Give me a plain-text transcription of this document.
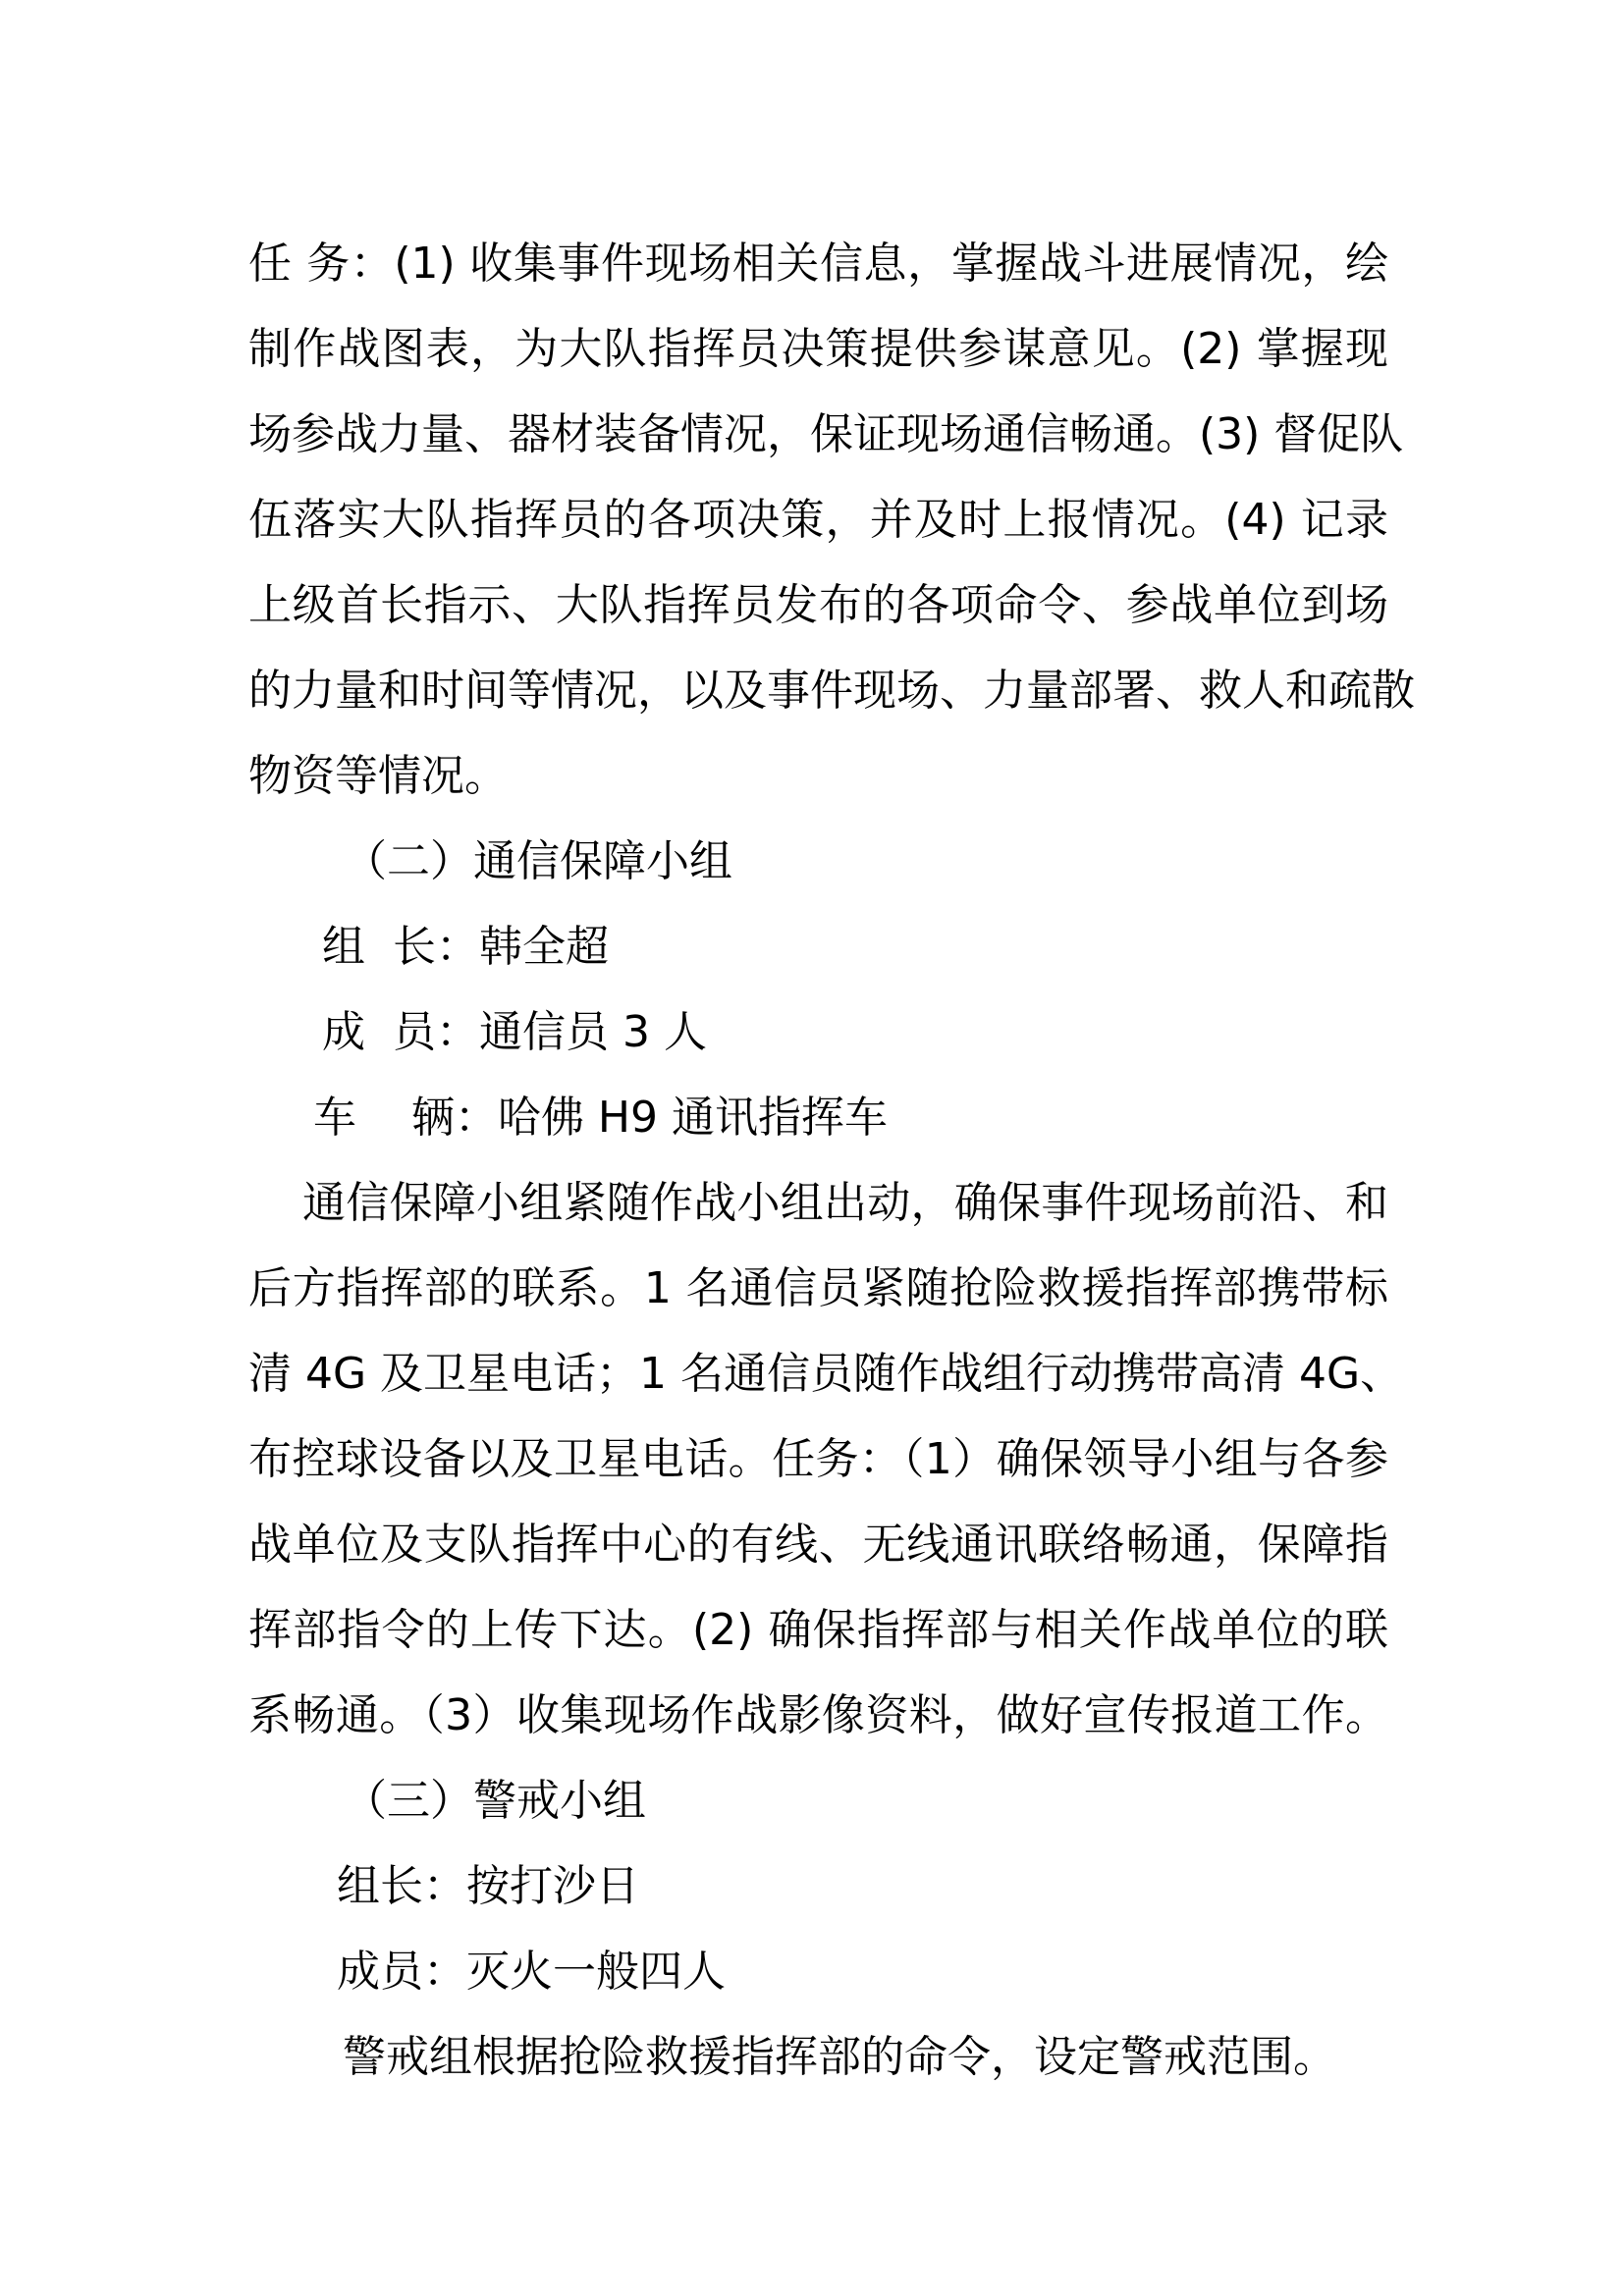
任 务：(1) 收集事件现场相关信息，掌握战斗进展情况，绘
制作战图表，为大队指挥员决策提供参谋意见。(2) 掌握现
场参战力量、器材装备情况，保证现场通信畅通。(3) 督促队
伍落实大队指挥员的各项决策，并及时上报情况。(4) 记录
上级首长指示、大队指挥员发布的各项命令、参战单位到场
的力量和时间等情况，以及事件现场、力量部署、救人和疏散
物资等情况。
（二）通信保障小组
组  长：韩全超
成  员：通信员 3 人
车    辆：哈佛 H9 通讯指挥车
通信保障小组紧随作战小组出动，确保事件现场前沿、和
后方指挥部的联系。1 名通信员紧随抢险救援指挥部携带标
清 4G 及卫星电话；1 名通信员随作战组行动携带高清 4G、
布控球设备以及卫星电话。任务：（1）确保领导小组与各参
战单位及支队指挥中心的有线、无线通讯联络畅通，保障指
挥部指令的上传下达。(2) 确保指挥部与相关作战单位的联
系畅通。（3）收集现场作战影像资料，做好宣传报道工作。
（三）警戒小组
组长：按打沙日
成员：灭火一般四人
警戒组根据抢险救援指挥部的命令，设定警戒范围。
